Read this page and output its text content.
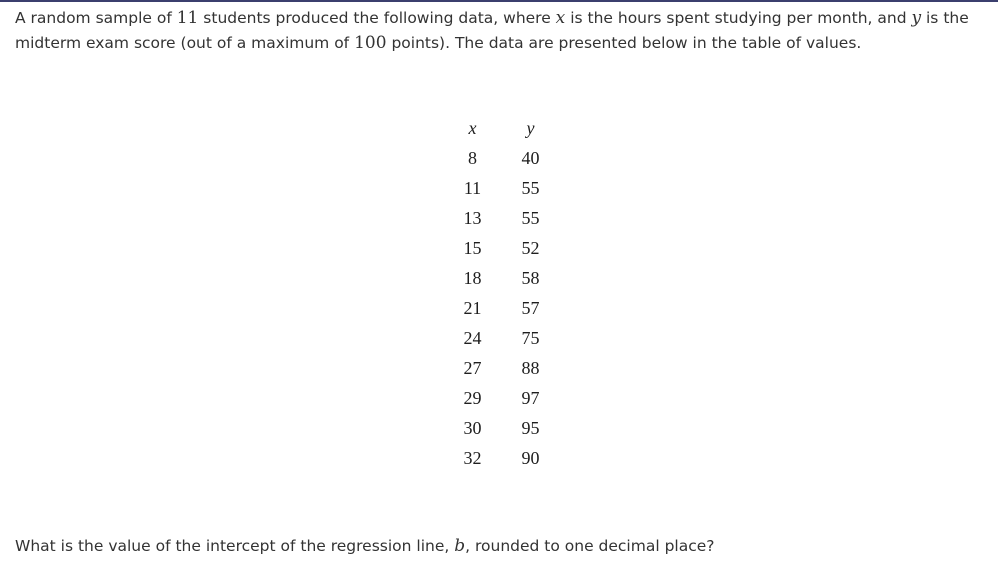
A random sample of 11 students produced the following data, where x is the hours spent studying per month, and y is the midterm exam score (out of a maximum of 100 points). The data are presented below in the table of values.
x	y
8	40
11	55
13	55
15	52
18	58
21	57
24	75
27	88
29	97
30	95
32	90
What is the value of the intercept of the regression line, b, rounded to one decimal place?
